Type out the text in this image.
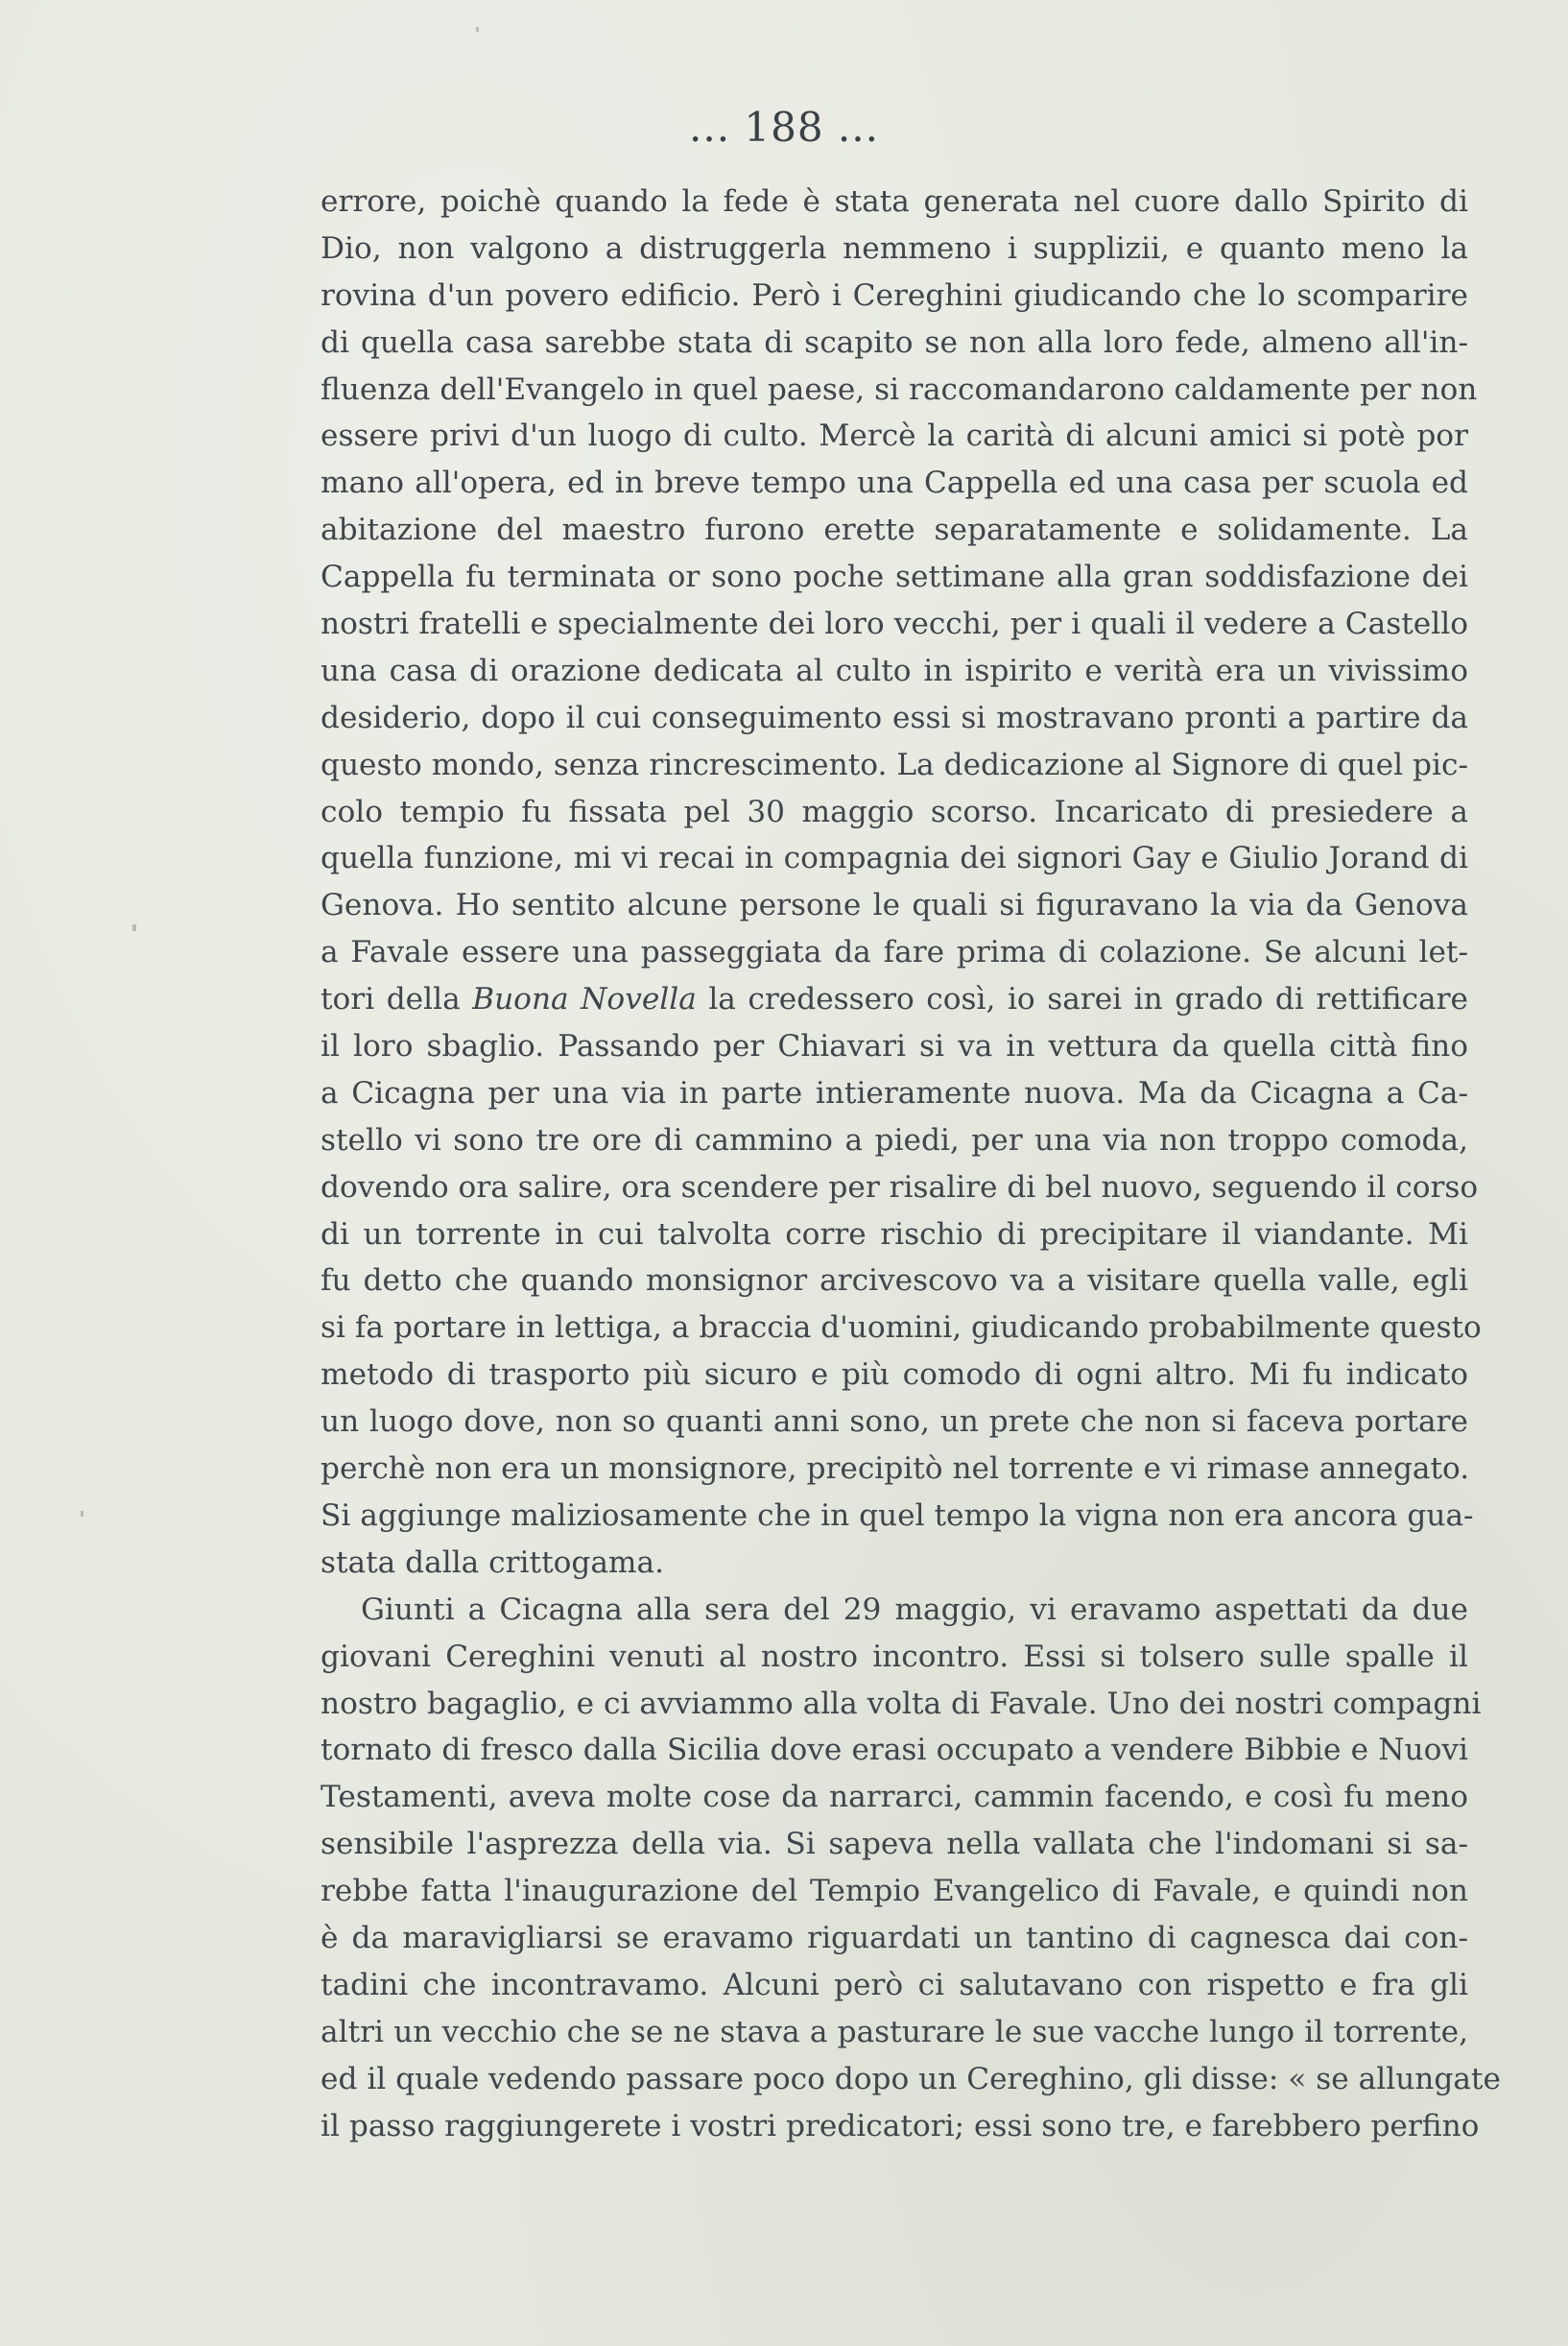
... 188 ...
errore, poichè quando la fede è stata generata nel cuore dallo Spirito di
Dio, non valgono a distruggerla nemmeno i supplizii, e quanto meno la
rovina d'un povero edificio. Però i Cereghini giudicando che lo scomparire
di quella casa sarebbe stata di scapito se non alla loro fede, almeno all'in-
fluenza dell'Evangelo in quel paese, si raccomandarono caldamente per non
essere privi d'un luogo di culto. Mercè la carità di alcuni amici si potè por
mano all'opera, ed in breve tempo una Cappella ed una casa per scuola ed
abitazione del maestro furono erette separatamente e solidamente. La
Cappella fu terminata or sono poche settimane alla gran soddisfazione dei
nostri fratelli e specialmente dei loro vecchi, per i quali il vedere a Castello
una casa di orazione dedicata al culto in ispirito e verità era un vivissimo
desiderio, dopo il cui conseguimento essi si mostravano pronti a partire da
questo mondo, senza rincrescimento. La dedicazione al Signore di quel pic-
colo tempio fu fissata pel 30 maggio scorso. Incaricato di presiedere a
quella funzione, mi vi recai in compagnia dei signori Gay e Giulio Jorand di
Genova. Ho sentito alcune persone le quali si figuravano la via da Genova
a Favale essere una passeggiata da fare prima di colazione. Se alcuni let-
tori della Buona Novella la credessero così, io sarei in grado di rettificare
il loro sbaglio. Passando per Chiavari si va in vettura da quella città fino
a Cicagna per una via in parte intieramente nuova. Ma da Cicagna a Ca-
stello vi sono tre ore di cammino a piedi, per una via non troppo comoda,
dovendo ora salire, ora scendere per risalire di bel nuovo, seguendo il corso
di un torrente in cui talvolta corre rischio di precipitare il viandante. Mi
fu detto che quando monsignor arcivescovo va a visitare quella valle, egli
si fa portare in lettiga, a braccia d'uomini, giudicando probabilmente questo
metodo di trasporto più sicuro e più comodo di ogni altro. Mi fu indicato
un luogo dove, non so quanti anni sono, un prete che non si faceva portare
perchè non era un monsignore, precipitò nel torrente e vi rimase annegato.
Si aggiunge maliziosamente che in quel tempo la vigna non era ancora gua-
stata dalla crittogama.
Giunti a Cicagna alla sera del 29 maggio, vi eravamo aspettati da due
giovani Cereghini venuti al nostro incontro. Essi si tolsero sulle spalle il
nostro bagaglio, e ci avviammo alla volta di Favale. Uno dei nostri compagni
tornato di fresco dalla Sicilia dove erasi occupato a vendere Bibbie e Nuovi
Testamenti, aveva molte cose da narrarci, cammin facendo, e così fu meno
sensibile l'asprezza della via. Si sapeva nella vallata che l'indomani si sa-
rebbe fatta l'inaugurazione del Tempio Evangelico di Favale, e quindi non
è da maravigliarsi se eravamo riguardati un tantino di cagnesca dai con-
tadini che incontravamo. Alcuni però ci salutavano con rispetto e fra gli
altri un vecchio che se ne stava a pasturare le sue vacche lungo il torrente,
ed il quale vedendo passare poco dopo un Cereghino, gli disse: « se allungate
il passo raggiungerete i vostri predicatori; essi sono tre, e farebbero perfino
